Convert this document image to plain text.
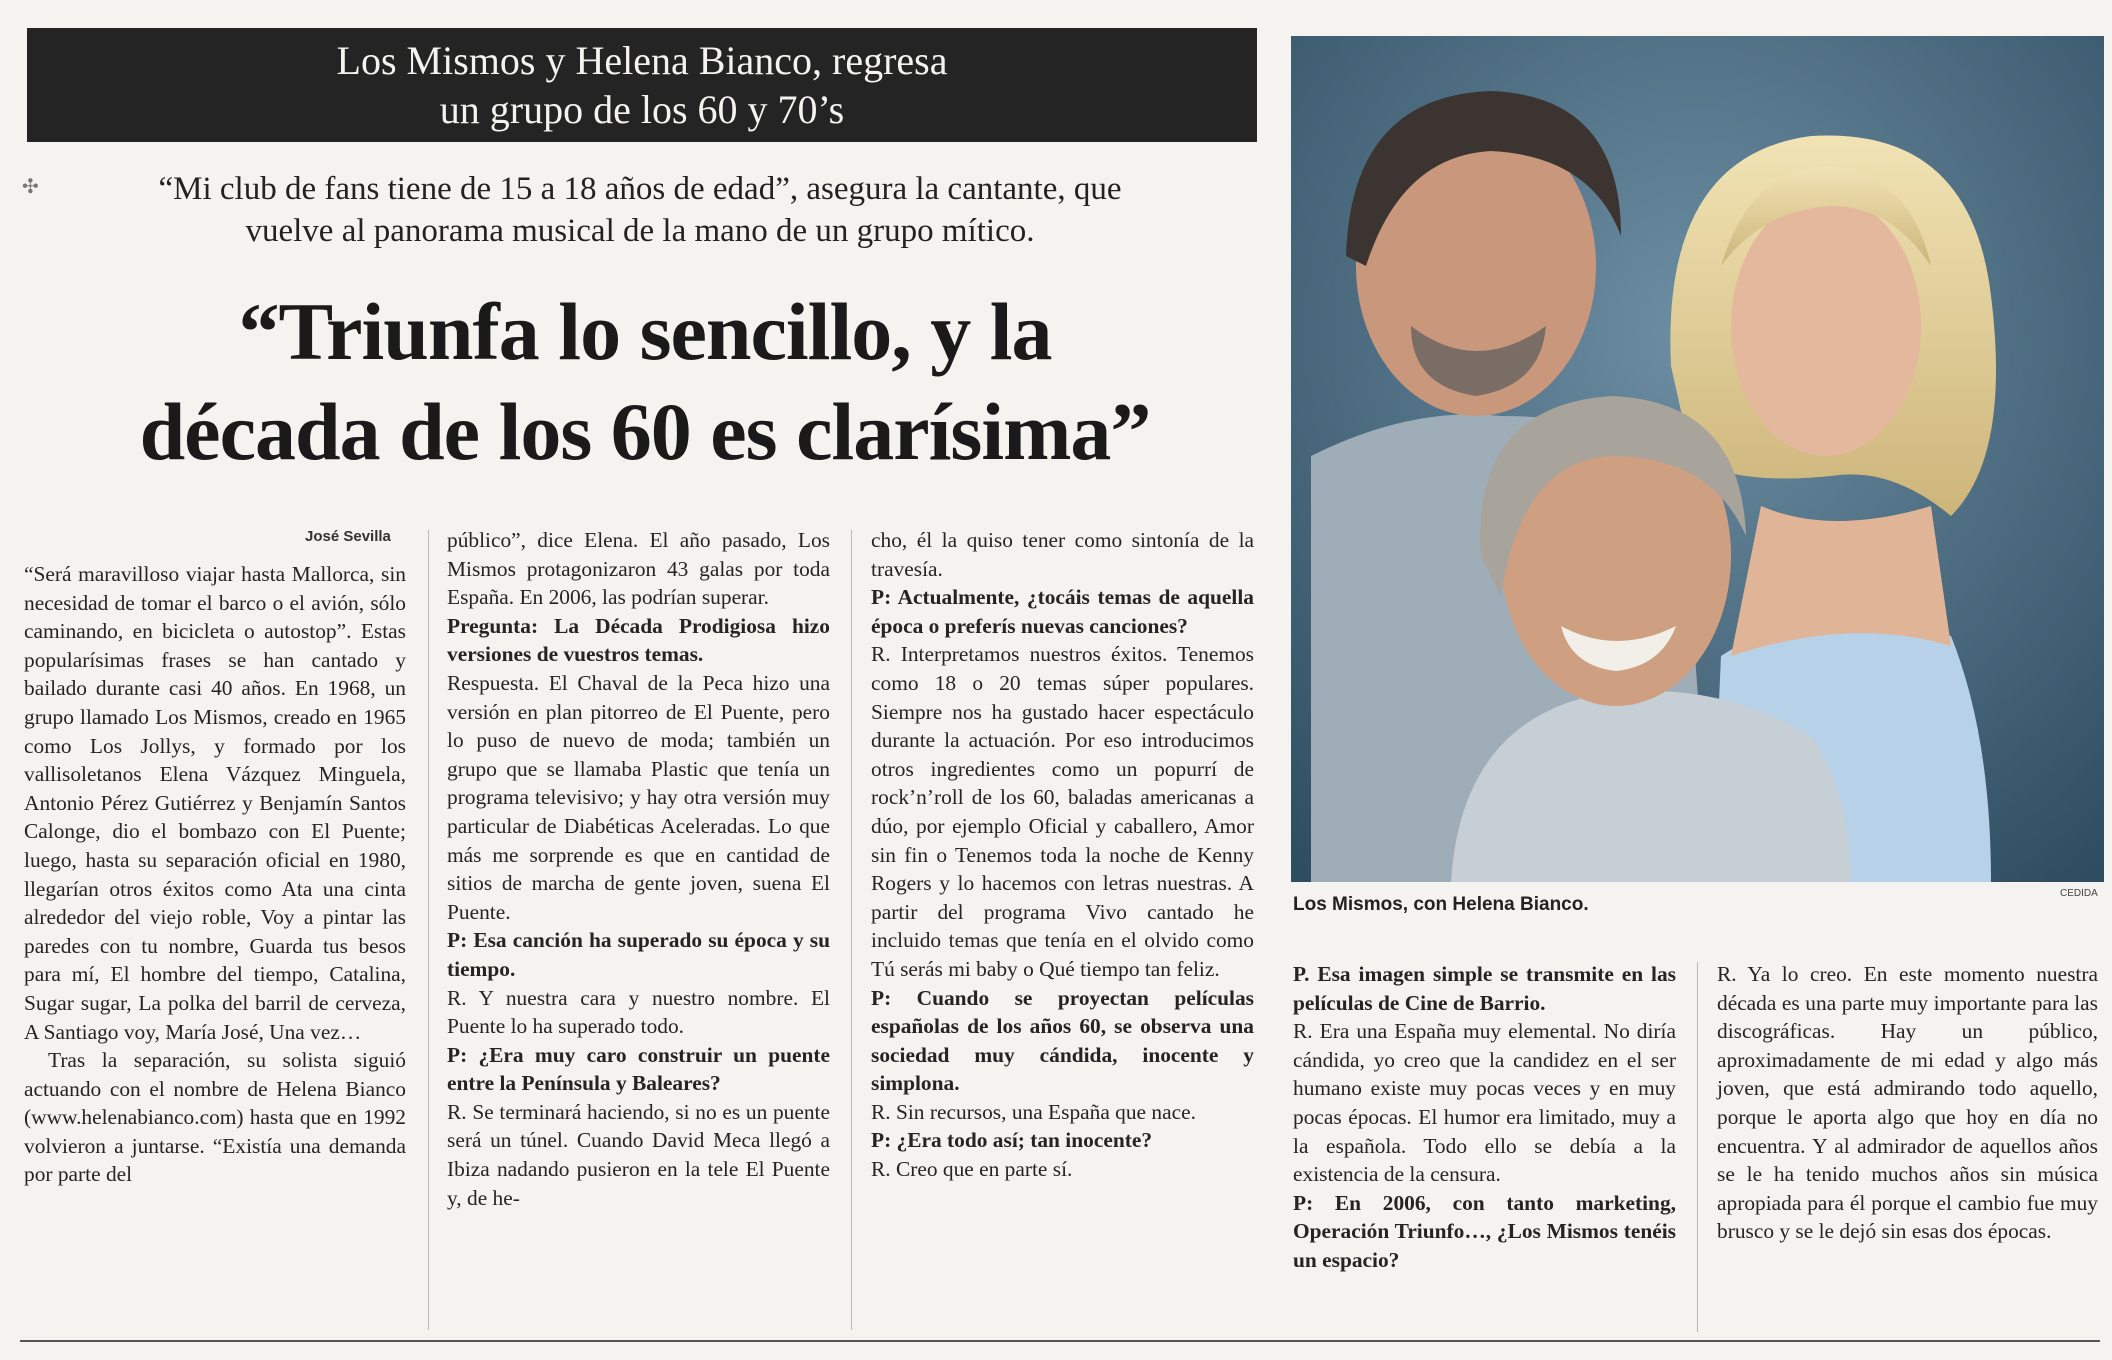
Los Mismos y Helena Bianco, regresa
un grupo de los 60 y 70’s
✣	“Mi club de fans tiene de 15 a 18 años de edad”, asegura la cantante, que
vuelve al panorama musical de la mano de un grupo mítico.
“Triunfa lo sencillo, y la
década de los 60 es clarísima”
José Sevilla

“Será maravilloso viajar hasta Mallorca, sin necesidad de tomar el barco o el avión, sólo caminando, en bicicleta o autostop”. Estas popularísimas frases se han cantado y bailado durante casi 40 años. En 1968, un grupo llamado Los Mismos, creado en 1965 como Los Jollys, y formado por los vallisoletanos Elena Vázquez Minguela, Antonio Pérez Gutiérrez y Benjamín Santos Calonge, dio el bombazo con El Puente; luego, hasta su separación oficial en 1980, llegarían otros éxitos como Ata una cinta alrededor del viejo roble, Voy a pintar las paredes con tu nombre, Guarda tus besos para mí, El hombre del tiempo, Catalina, Sugar sugar, La polka del barril de cerveza, A Santiago voy, María José, Una vez…

Tras la separación, su solista siguió actuando con el nombre de Helena Bianco (www.helenabianco.com) hasta que en 1992 volvieron a juntarse. “Existía una demanda por parte del

público”, dice Elena. El año pasado, Los Mismos protagonizaron 43 galas por toda España. En 2006, las podrían superar.

Pregunta: La Década Prodigiosa hizo versiones de vuestros temas.

Respuesta. El Chaval de la Peca hizo una versión en plan pitorreo de El Puente, pero lo puso de nuevo de moda; también un grupo que se llamaba Plastic que tenía un programa televisivo; y hay otra versión muy particular de Diabéticas Aceleradas. Lo que más me sorprende es que en cantidad de sitios de marcha de gente joven, suena El Puente.

P: Esa canción ha superado su época y su tiempo.

R. Y nuestra cara y nuestro nombre. El Puente lo ha superado todo.

P: ¿Era muy caro construir un puente entre la Península y Baleares?

R. Se terminará haciendo, si no es un puente será un túnel. Cuando David Meca llegó a Ibiza nadando pusieron en la tele El Puente y, de he-

cho, él la quiso tener como sintonía de la travesía.

P: Actualmente, ¿tocáis temas de aquella época o preferís nuevas canciones?

R. Interpretamos nuestros éxitos. Tenemos como 18 o 20 temas súper populares. Siempre nos ha gustado hacer espectáculo durante la actuación. Por eso introducimos otros ingredientes como un popurrí de rock’n’roll de los 60, baladas americanas a dúo, por ejemplo Oficial y caballero, Amor sin fin o Tenemos toda la noche de Kenny Rogers y lo hacemos con letras nuestras. A partir del programa Vivo cantado he incluido temas que tenía en el olvido como Tú serás mi baby o Qué tiempo tan feliz.

P: Cuando se proyectan películas españolas de los años 60, se observa una sociedad muy cándida, inocente y simplona.

R. Sin recursos, una España que nace.

P: ¿Era todo así; tan inocente?

R. Creo que en parte sí.

CEDIDA
Los Mismos, con Helena Bianco.

P. Esa imagen simple se transmite en las películas de Cine de Barrio.

R. Era una España muy elemental. No diría cándida, yo creo que la candidez en el ser humano existe muy pocas veces y en muy pocas épocas. El humor era limitado, muy a la española. Todo ello se debía a la existencia de la censura.

P: En 2006, con tanto marketing, Operación Triunfo…, ¿Los Mismos tenéis un espacio?

R. Ya lo creo. En este momento nuestra década es una parte muy importante para las discográficas. Hay un público, aproximadamente de mi edad y algo más joven, que está admirando todo aquello, porque le aporta algo que hoy en día no encuentra. Y al admirador de aquellos años se le ha tenido muchos años sin música apropiada para él porque el cambio fue muy brusco y se le dejó sin esas dos épocas.
